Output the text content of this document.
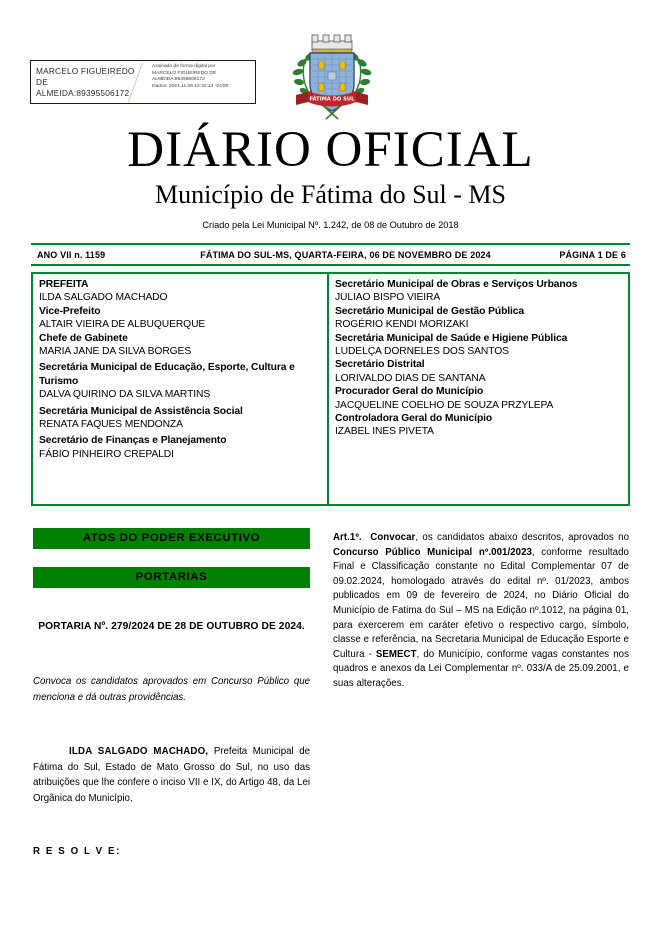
MARCELO FIGUEIREDO DE
ALMEIDA:89395506172
Assinado de forma digital por
MARCELO FIGUEIREDO DE
ALMEIDA:89395506172
Dados: 2024.11.06 12:32:14 -04'00'
FÁTIMA DO SUL
DIÁRIO OFICIAL
Município de Fátima do Sul - MS
Criado pela Lei Municipal Nº. 1.242, de 08 de Outubro de 2018
ANO VII n. 1159	FÁTIMA DO SUL-MS, QUARTA-FEIRA, 06 DE NOVEMBRO DE 2024	PÁGINA 1 DE 6
PREFEITA
ILDA SALGADO MACHADO
Vice-Prefeito
ALTAIR VIEIRA DE ALBUQUERQUE
Chefe de Gabinete
MARIA JANE DA SILVA BORGES
Secretária Municipal de Educação, Esporte, Cultura e Turismo
DALVA QUIRINO DA SILVA MARTINS
Secretária Municipal de Assistência Social
RENATA FAQUES MENDONZA
Secretário de Finanças e Planejamento
FÁBIO PINHEIRO CREPALDI
Secretário Municipal de Obras e Serviços Urbanos
JULIAO BISPO VIEIRA
Secretário Municipal de Gestão Pública
ROGÉRIO KENDI MORIZAKI
Secretária Municipal de Saúde e Higiene Pública
LUDELÇA DORNELES DOS SANTOS
Secretário Distrital
LORIVALDO DIAS DE SANTANA
Procurador Geral do Município
JACQUELINE COELHO DE SOUZA PRZYLEPA
Controladora Geral do Município
IZABEL INES PIVETA
ATOS DO PODER EXECUTIVO
PORTARIAS
PORTARIA Nº. 279/2024 DE 28 DE OUTUBRO DE 2024.
Convoca os candidatos aprovados em Concurso Público que menciona e dá outras providências.
ILDA SALGADO MACHADO, Prefeita Municipal de Fátima do Sul, Estado de Mato Grosso do Sul, no uso das atribuições que lhe confere o inciso VII e IX, do Artigo 48, da Lei Orgânica do Município,
R E S O L V E:
Art.1º. Convocar, os candidatos abaixo descritos, aprovados no Concurso Público Municipal nº.001/2023, conforme resultado Final e Classificação constante no Edital Complementar 07 de 09.02.2024, homologado através do edital nº. 01/2023, ambos publicados em 09 de fevereiro de 2024, no Diário Oficial do Município de Fatima do Sul – MS na Edição nº.1012, na página 01, para exercerem em caráter efetivo o respectivo cargo, símbolo, classe e referência, na Secretaria Municipal de Educação Esporte e Cultura - SEMECT, do Município, conforme vagas constantes nos quadros e anexos da Lei Complementar nº. 033/A de 25.09.2001, e suas alterações.
